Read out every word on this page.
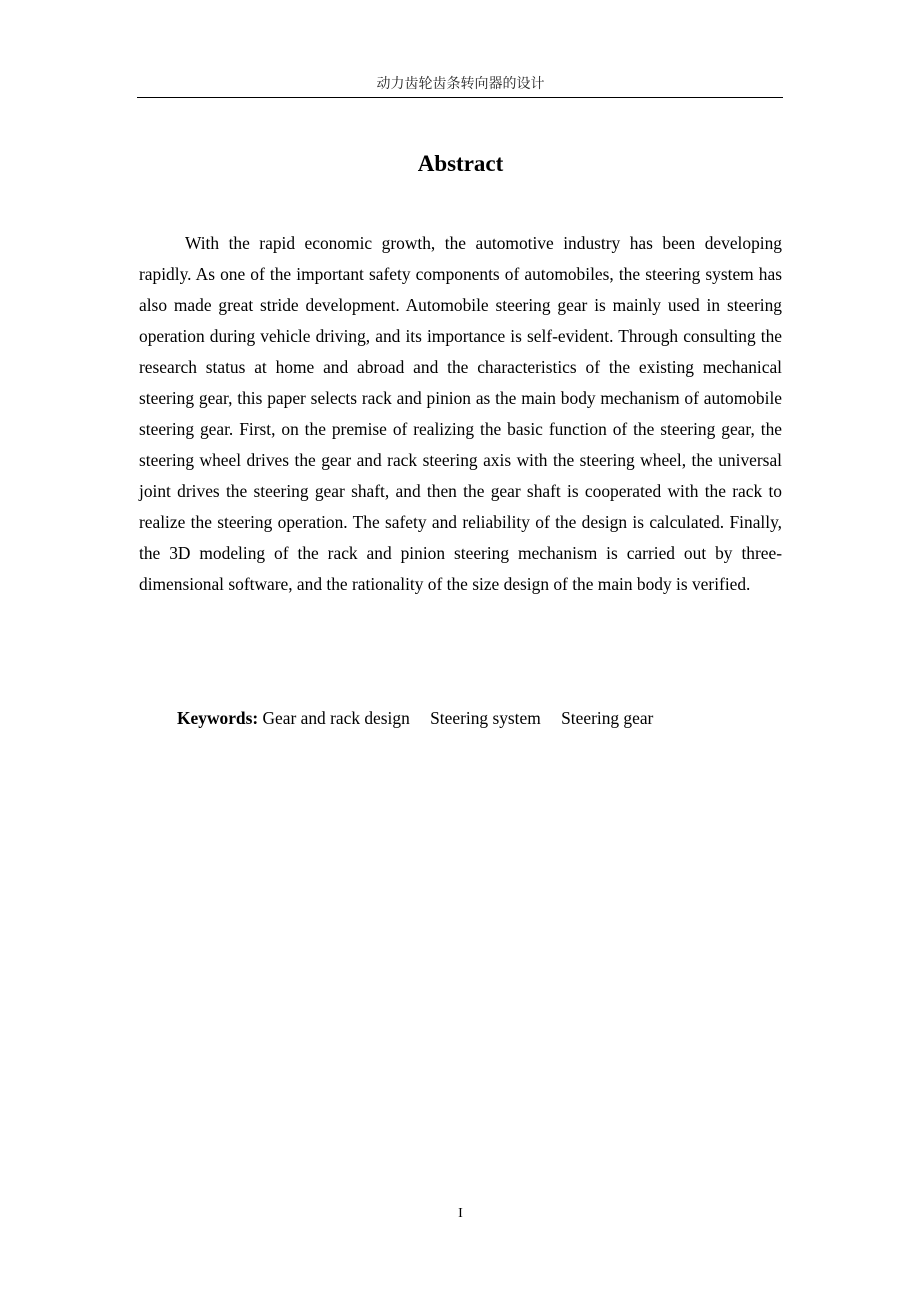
动力齿轮齿条转向器的设计
Abstract

With the rapid economic growth, the automotive industry has been developing rapidly. As one of the important safety components of automobiles, the steering system has also made great stride development. Automobile steering gear is mainly used in steering operation during vehicle driving, and its importance is self-evident. Through consulting the research status at home and abroad and the characteristics of the existing mechanical steering gear, this paper selects rack and pinion as the main body mechanism of automobile steering gear. First, on the premise of realizing the basic function of the steering gear, the steering wheel drives the gear and rack steering axis with the steering wheel, the universal joint drives the steering gear shaft, and then the gear shaft is cooperated with the rack to realize the steering operation. The safety and reliability of the design is calculated. Finally, the 3D modeling of the rack and pinion steering mechanism is carried out by three-dimensional software, and the rationality of the size design of the main body is verified.

Keywords: Gear and rack design Steering system Steering gear

I
